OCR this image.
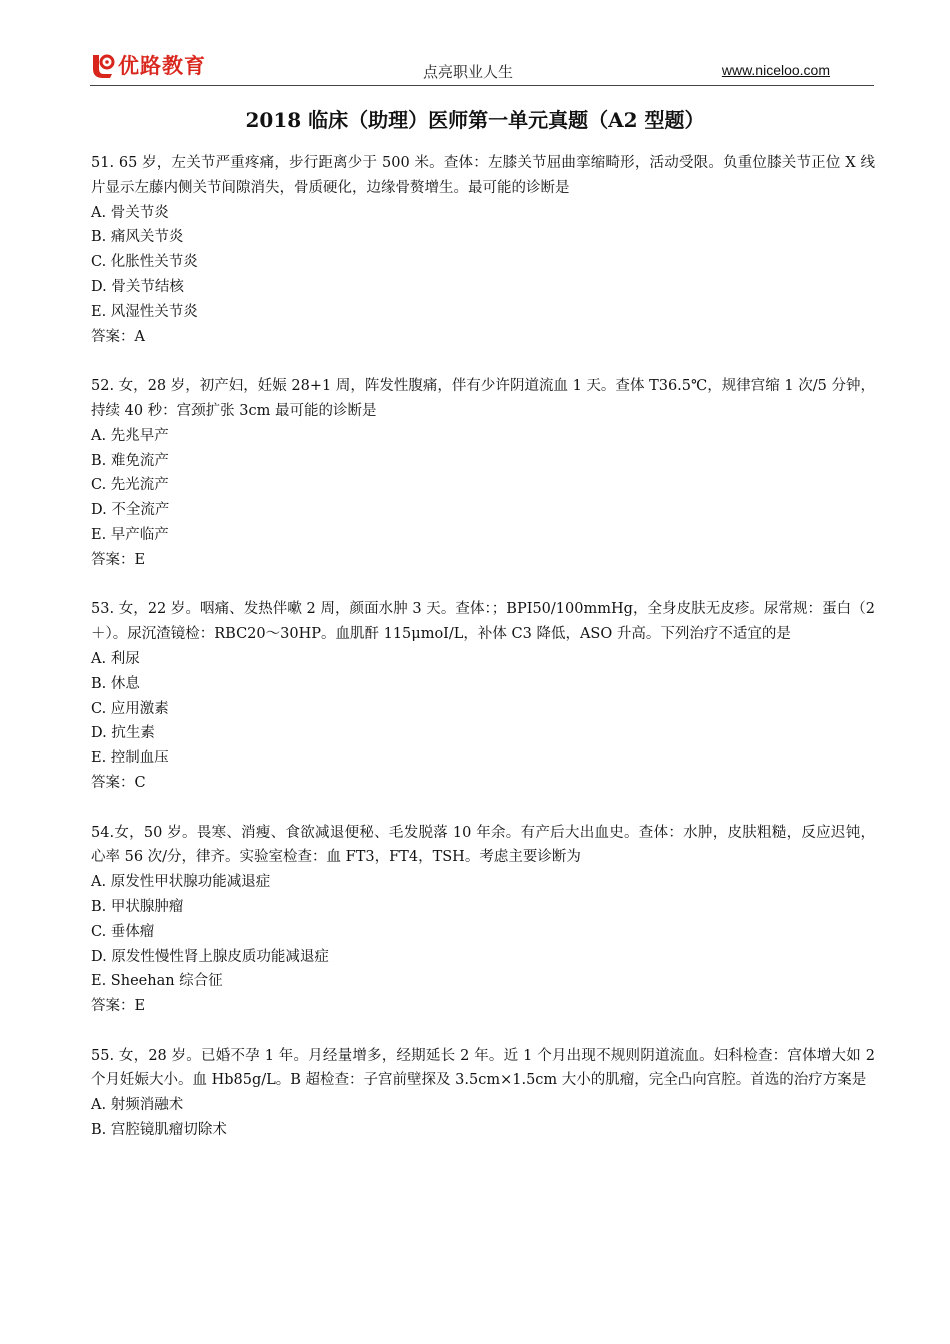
优路教育	点亮职业人生	www.niceloo.com
2018 临床（助理）医师第一单元真题（A2 型题）

51. 65 岁，左关节严重疼痛，步行距离少于 500 米。查体：左膝关节屈曲挛缩畸形，活动受限。负重位膝关节正位 X 线片显示左藤内侧关节间隙消失，骨质硬化，边缘骨赘增生。最可能的诊断是

A. 骨关节炎

B. 痛风关节炎

C. 化胀性关节炎

D. 骨关节结核

E. 风湿性关节炎

答案：A

52. 女，28 岁，初产妇，妊娠 28+1 周，阵发性腹痛，伴有少许阴道流血 1 天。查体 T36.5℃，规律宫缩 1 次/5 分钟，持续 40 秒：宫颈扩张 3cm 最可能的诊断是

A. 先兆早产

B. 难免流产

C. 先光流产

D. 不全流产

E. 早产临产

答案：E

53. 女，22 岁。咽痛、发热伴嗽 2 周，颜面水肿 3 天。查体：；BPI50/100mmHg，全身皮肤无皮疹。尿常规：蛋白（2＋）。尿沉渣镜检：RBC20～30HP。血肌酐 115μmoI/L，补体 C3 降低，ASO 升高。下列治疗不适宜的是

A. 利尿

B. 休息

C. 应用激素

D. 抗生素

E. 控制血压

答案：C

54.女，50 岁。畏寒、消瘦、食欲减退便秘、毛发脱落 10 年余。有产后大出血史。查体：水肿，皮肤粗糙，反应迟钝，心率 56 次/分，律齐。实验室检查：血 FT3，FT4，TSH。考虑主要诊断为

A. 原发性甲状腺功能减退症

B. 甲状腺肿瘤

C. 垂体瘤

D. 原发性慢性肾上腺皮质功能减退症

E. Sheehan 综合征

答案：E

55. 女，28 岁。已婚不孕 1 年。月经量增多，经期延长 2 年。近 1 个月出现不规则阴道流血。妇科检查：宫体增大如 2 个月妊娠大小。血 Hb85g/L。B 超检查：子宫前壁探及 3.5cm×1.5cm 大小的肌瘤，完全凸向宫腔。首选的治疗方案是

A. 射频消融术

B. 宫腔镜肌瘤切除术
